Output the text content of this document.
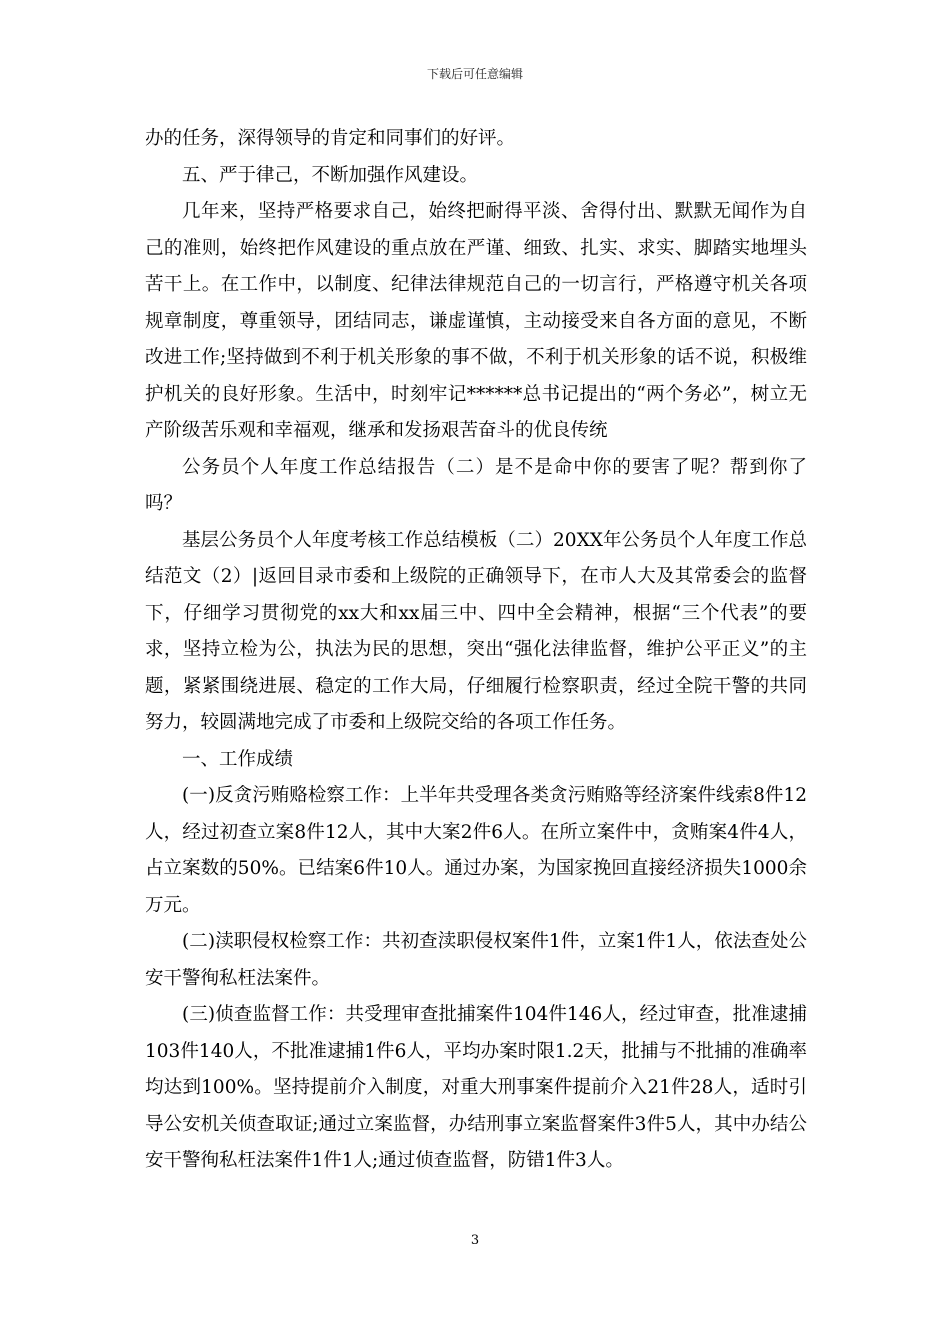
下载后可任意编辑

办的任务，深得领导的肯定和同事们的好评。

五、严于律己，不断加强作风建设。

几年来，坚持严格要求自己，始终把耐得平淡、舍得付出、默默无闻作为自己的准则，始终把作风建设的重点放在严谨、细致、扎实、求实、脚踏实地埋头苦干上。在工作中，以制度、纪律法律规范自己的一切言行，严格遵守机关各项规章制度，尊重领导，团结同志，谦虚谨慎，主动接受来自各方面的意见，不断改进工作;坚持做到不利于机关形象的事不做，不利于机关形象的话不说，积极维护机关的良好形象。生活中，时刻牢记******总书记提出的“两个务必”，树立无产阶级苦乐观和幸福观，继承和发扬艰苦奋斗的优良传统

公务员个人年度工作总结报告（二）是不是命中你的要害了呢？帮到你了吗？

基层公务员个人年度考核工作总结模板（二）20XX年公务员个人年度工作总结范文（2）|返回目录市委和上级院的正确领导下，在市人大及其常委会的监督下，仔细学习贯彻党的xx大和xx届三中、四中全会精神，根据“三个代表”的要求，坚持立检为公，执法为民的思想，突出“强化法律监督，维护公平正义”的主题，紧紧围绕进展、稳定的工作大局，仔细履行检察职责，经过全院干警的共同努力，较圆满地完成了市委和上级院交给的各项工作任务。

一、工作成绩

(一)反贪污贿赂检察工作：上半年共受理各类贪污贿赂等经济案件线索8件12人，经过初查立案8件12人，其中大案2件6人。在所立案件中，贪贿案4件4人，占立案数的50%。已结案6件10人。通过办案，为国家挽回直接经济损失1000余万元。

(二)渎职侵权检察工作：共初查渎职侵权案件1件，立案1件1人，依法查处公安干警徇私枉法案件。

(三)侦查监督工作：共受理审查批捕案件104件146人，经过审查，批准逮捕103件140人，不批准逮捕1件6人，平均办案时限1.2天，批捕与不批捕的准确率均达到100%。坚持提前介入制度，对重大刑事案件提前介入21件28人，适时引导公安机关侦查取证;通过立案监督，办结刑事立案监督案件3件5人，其中办结公安干警徇私枉法案件1件1人;通过侦查监督，防错1件3人。

3
